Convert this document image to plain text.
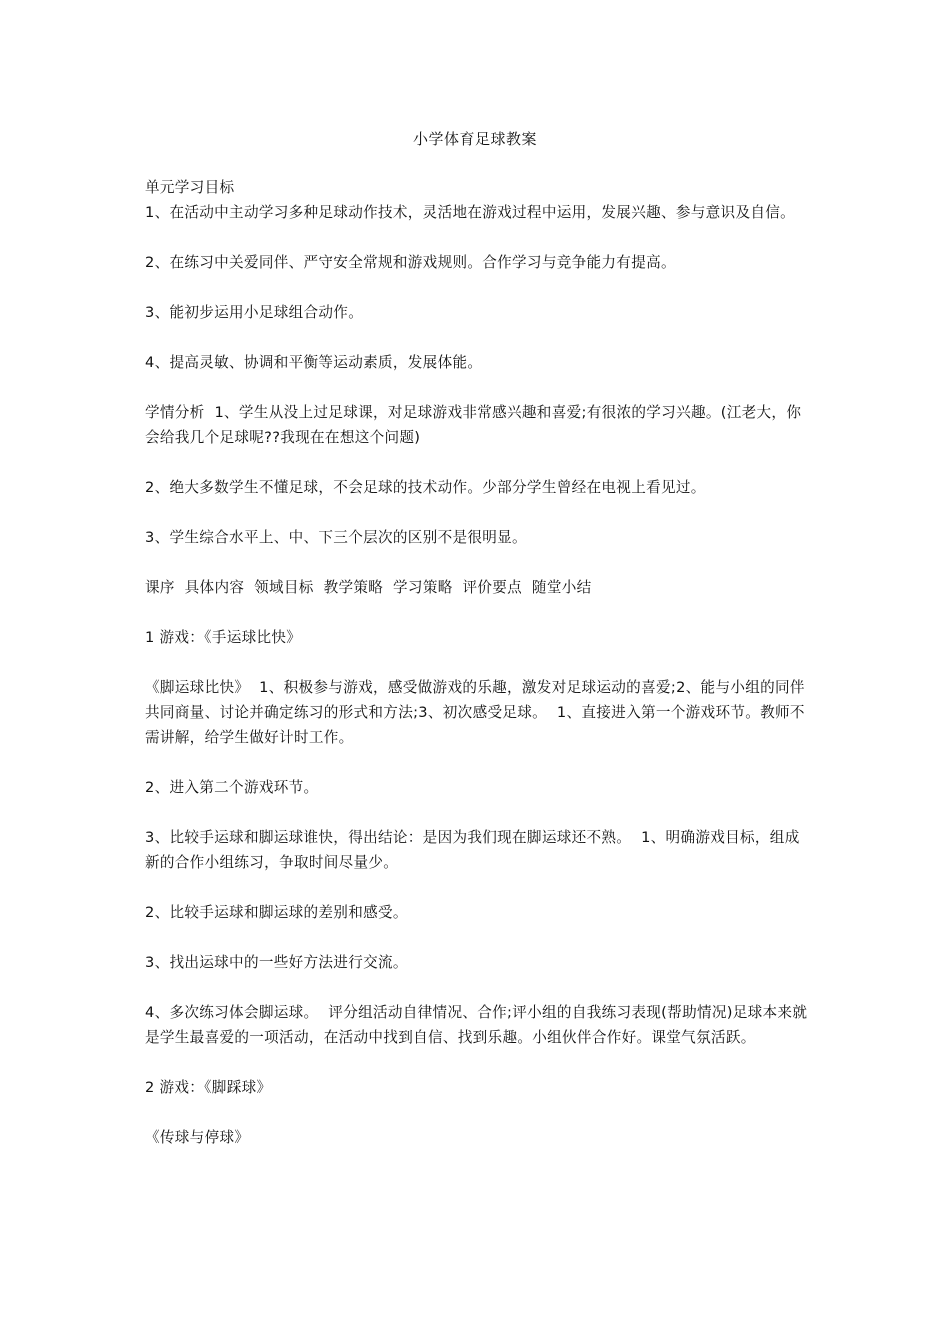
小学体育足球教案

单元学习目标

1、在活动中主动学习多种足球动作技术，灵活地在游戏过程中运用，发展兴趣、参与意识及自信。

2、在练习中关爱同伴、严守安全常规和游戏规则。合作学习与竞争能力有提高。

3、能初步运用小足球组合动作。

4、提高灵敏、协调和平衡等运动素质，发展体能。

学情分析  1、学生从没上过足球课，对足球游戏非常感兴趣和喜爱;有很浓的学习兴趣。(江老大，你会给我几个足球呢??我现在在想这个问题)

2、绝大多数学生不懂足球，不会足球的技术动作。少部分学生曾经在电视上看见过。

3、学生综合水平上、中、下三个层次的区别不是很明显。

课序  具体内容  领域目标  教学策略  学习策略  评价要点  随堂小结

1 游戏：《手运球比快》

《脚运球比快》  1、积极参与游戏，感受做游戏的乐趣，激发对足球运动的喜爱;2、能与小组的同伴共同商量、讨论并确定练习的形式和方法;3、初次感受足球。  1、直接进入第一个游戏环节。教师不需讲解，给学生做好计时工作。

2、进入第二个游戏环节。

3、比较手运球和脚运球谁快，得出结论：是因为我们现在脚运球还不熟。  1、明确游戏目标，组成新的合作小组练习，争取时间尽量少。

2、比较手运球和脚运球的差别和感受。

3、找出运球中的一些好方法进行交流。

4、多次练习体会脚运球。  评分组活动自律情况、合作;评小组的自我练习表现(帮助情况)足球本来就是学生最喜爱的一项活动，在活动中找到自信、找到乐趣。小组伙伴合作好。课堂气氛活跃。

2 游戏：《脚踩球》

《传球与停球》
